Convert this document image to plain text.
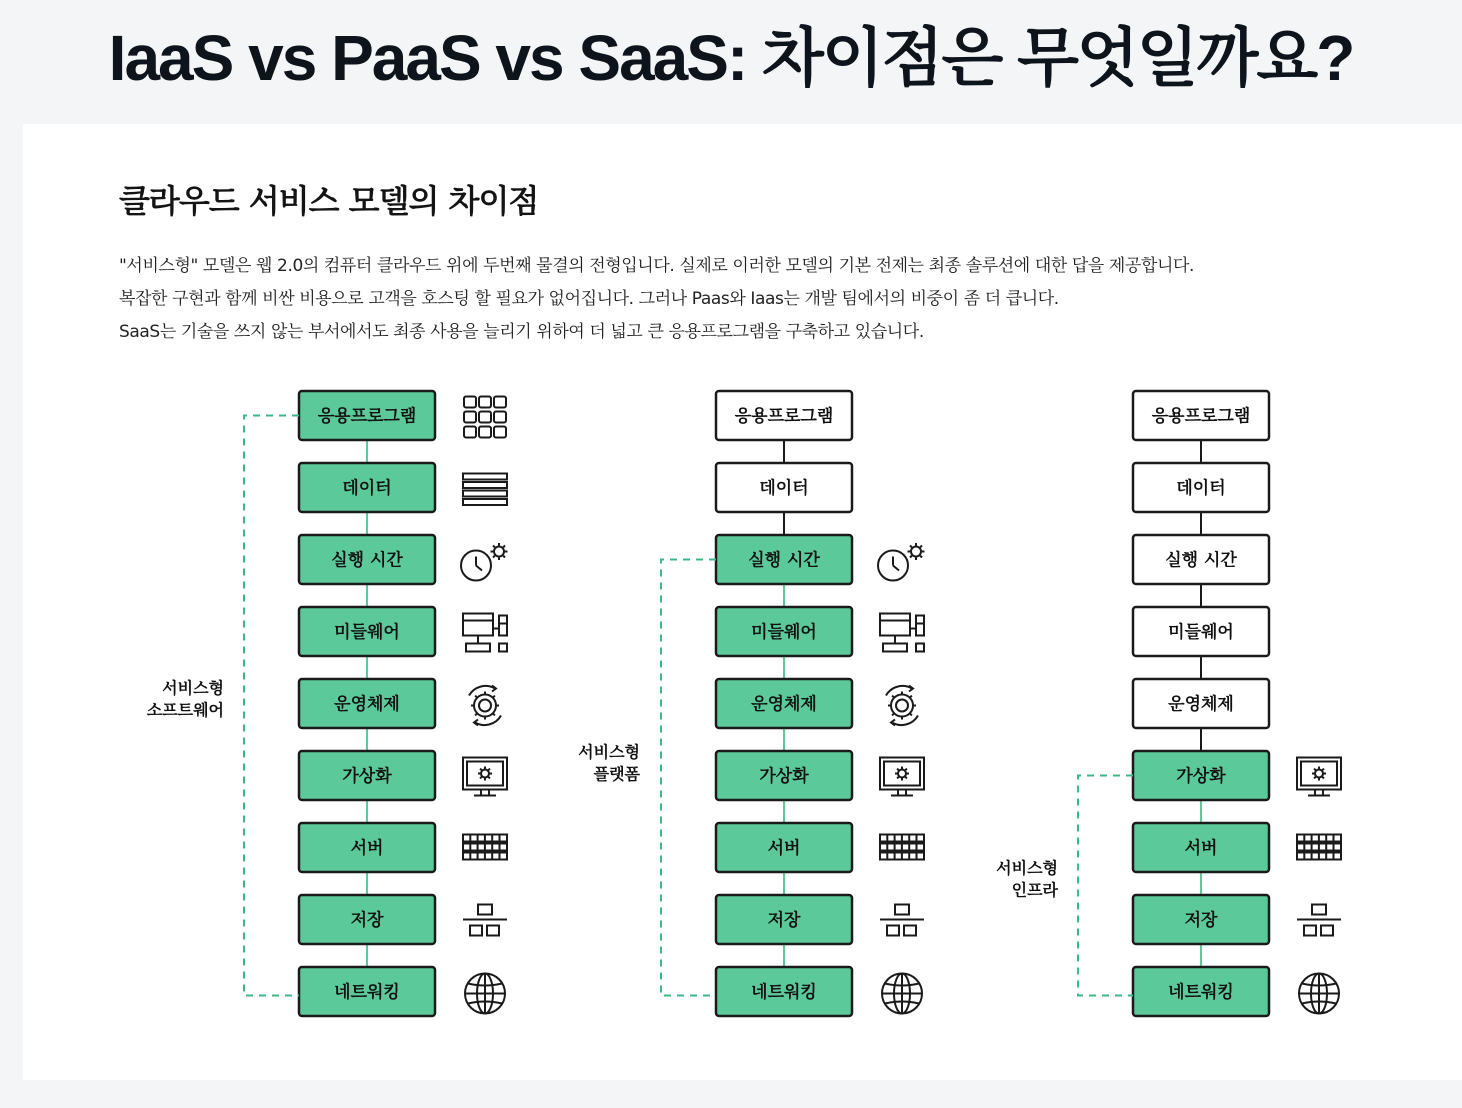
IaaS vs PaaS vs SaaS: 차이점은 무엇일까요?
클라우드 서비스 모델의 차이점
"서비스형" 모델은 웹 2.0의 컴퓨터 클라우드 위에 두번째 물결의 전형입니다. 실제로 이러한 모델의 기본 전제는 최종 솔루션에 대한 답을 제공합니다.
복잡한 구현과 함께 비싼 비용으로 고객을 호스팅 할 필요가 없어집니다. 그러나 Paas와 Iaas는 개발 팀에서의 비중이 좀 더 큽니다.
SaaS는 기술을 쓰지 않는 부서에서도 최종 사용을 늘리기 위하여 더 넓고 큰 응용프로그램을 구축하고 있습니다.
응용프로그램
데이터
실행 시간
미들웨어
운영체제
가상화
서버
저장
네트워킹
서비스형
소프트웨어
응용프로그램
데이터
실행 시간
미들웨어
운영체제
가상화
서버
저장
네트워킹
서비스형
플랫폼
응용프로그램
데이터
실행 시간
미들웨어
운영체제
가상화
서버
저장
네트워킹
서비스형
인프라
